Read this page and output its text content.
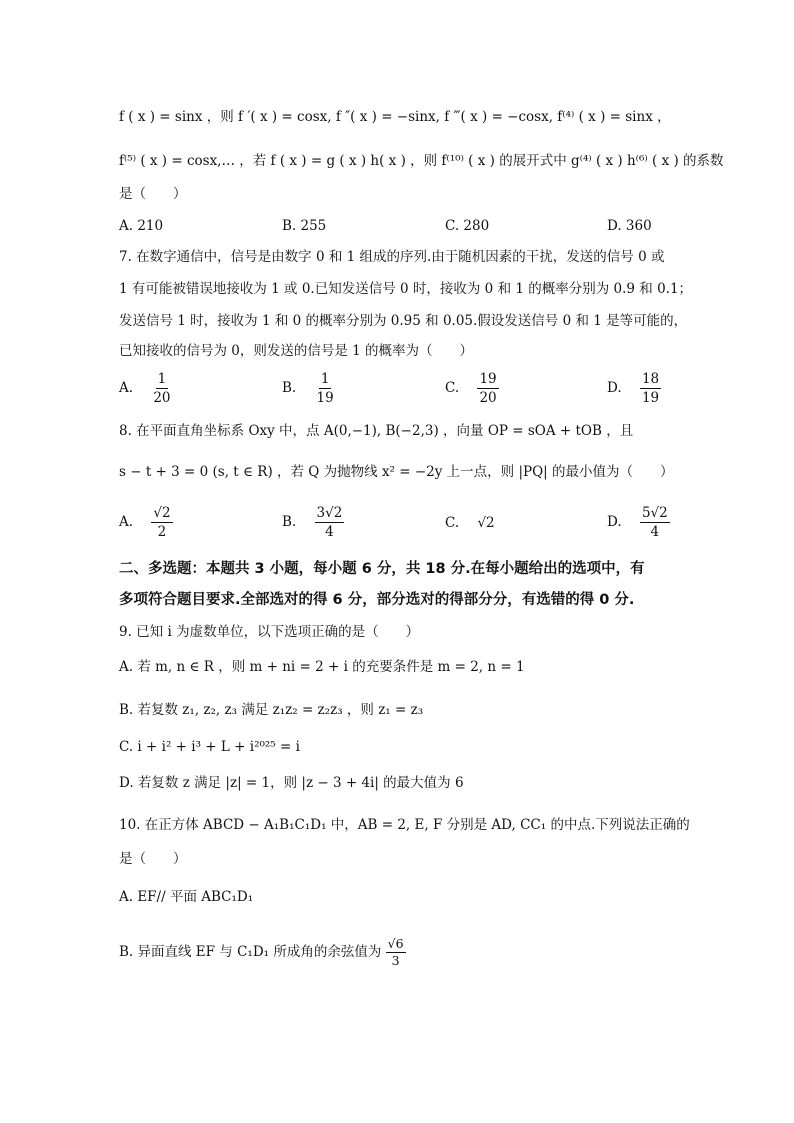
f ( x ) = sinx ，则 f ′( x ) = cosx, f ″( x ) = −sinx, f ‴( x ) = −cosx, f⁽⁴⁾ ( x ) = sinx ，
f⁽⁵⁾ ( x ) = cosx,… ，若 f ( x ) = g ( x ) h( x ) ，则 f⁽¹⁰⁾ ( x ) 的展开式中 g⁽⁴⁾ ( x ) h⁽⁶⁾ ( x ) 的系数
是（　　）
A. 210	B. 255	C. 280	D. 360
7. 在数字通信中，信号是由数字 0 和 1 组成的序列.由于随机因素的干扰，发送的信号 0 或
1 有可能被错误地接收为 1 或 0.已知发送信号 0 时，接收为 0 和 1 的概率分别为 0.9 和 0.1；
发送信号 1 时，接收为 1 和 0 的概率分别为 0.95 和 0.05.假设发送信号 0 和 1 是等可能的，
已知接收的信号为 0，则发送的信号是 1 的概率为（　　）
A. $\frac{1}{20}$	B. $\frac{1}{19}$	C. $\frac{19}{20}$	D. $\frac{18}{19}$
8. 在平面直角坐标系 Oxy 中，点 A(0,−1), B(−2,3) ，向量 OP = sOA + tOB ，且
s − t + 3 = 0 (s, t ∈ R) ，若 Q 为抛物线 x² = −2y 上一点，则 |PQ| 的最小值为（　　）
A. $\frac{√2}{2}$	B. $\frac{3√2}{4}$	C. √2	D. $\frac{5√2}{4}$
二、多选题：本题共 3 小题，每小题 6 分，共 18 分.在每小题给出的选项中，有
多项符合题目要求.全部选对的得 6 分，部分选对的得部分分，有选错的得 0 分.
9. 已知 i 为虚数单位，以下选项正确的是（　　）
A. 若 m, n ∈ R ，则 m + ni = 2 + i 的充要条件是 m = 2, n = 1
B. 若复数 z₁, z₂, z₃ 满足 z₁z₂ = z₂z₃ ，则 z₁ = z₃
C. i + i² + i³ + L + i²⁰²⁵ = i
D. 若复数 z 满足 |z| = 1，则 |z − 3 + 4i| 的最大值为 6
10. 在正方体 ABCD − A₁B₁C₁D₁ 中，AB = 2, E, F 分别是 AD, CC₁ 的中点.下列说法正确的
是（　　）
A. EF// 平面 ABC₁D₁
B. 异面直线 EF 与 C₁D₁ 所成角的余弦值为 $\frac{√6}{3}$
